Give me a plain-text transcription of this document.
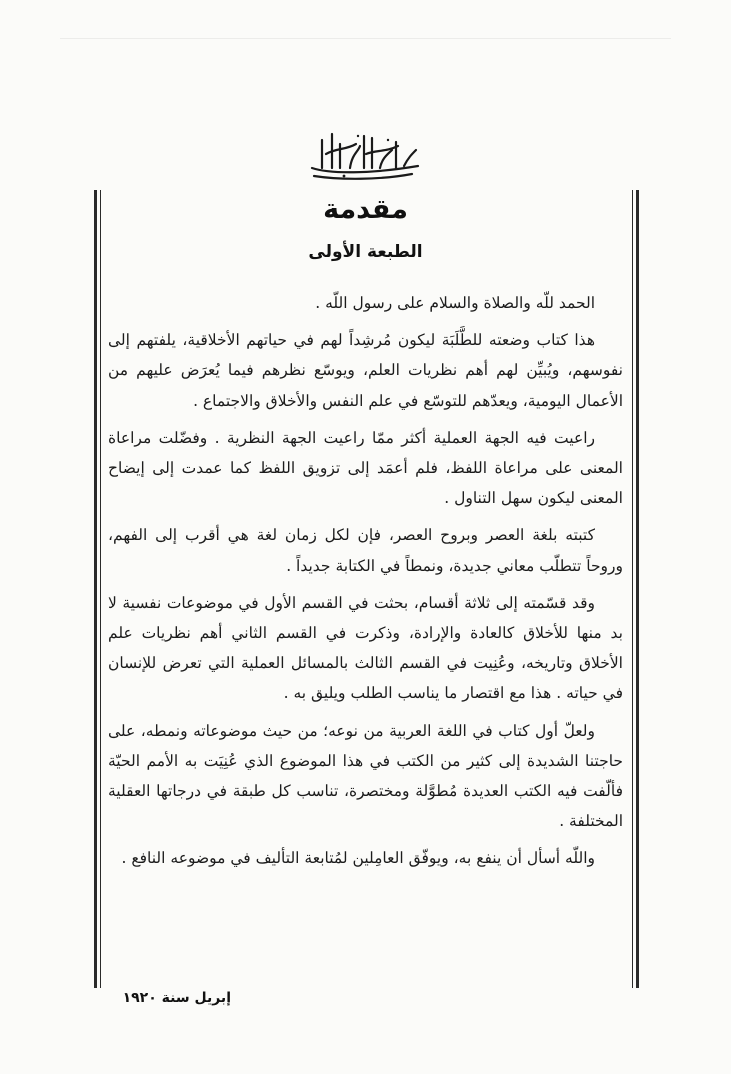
مقدمة
الطبعة الأولى

الحمد للّه والصلاة والسلام على رسول اللّه .

هذا كتاب وضعته للطَّلَبَة ليكون مُرشِداً لهم في حياتهم الأخلاقية، يلفتهم إلى نفوسهم، ويُبيِّن لهم أهم نظريات العلم، ويوسّع نظرهم فيما يُعرَض عليهم من الأعمال اليومية، ويعدّهم للتوسّع في علم النفس والأخلاق والاجتماع .

راعيت فيه الجهة العملية أكثر ممّا راعيت الجهة النظرية . وفضّلت مراعاة المعنى على مراعاة اللفظ، فلم أعمَد إلى تزويق اللفظ كما عمدت إلى إيضاح المعنى ليكون سهل التناول .

كتبته بلغة العصر وبروح العصر، فإن لكل زمان لغة هي أقرب إلى الفهم، وروحاً تتطلّب معاني جديدة، ونمطاً في الكتابة جديداً .

وقد قسّمته إلى ثلاثة أقسام، بحثت في القسم الأول في موضوعات نفسية لا بد منها للأخلاق كالعادة والإرادة، وذكرت في القسم الثاني أهم نظريات علم الأخلاق وتاريخه، وعُنِيت في القسم الثالث بالمسائل العملية التي تعرض للإنسان في حياته . هذا مع اقتصار ما يناسب الطلب ويليق به .

ولعلّ أول كتاب في اللغة العربية من نوعه؛ من حيث موضوعاته ونمطه، على حاجتنا الشديدة إلى كثير من الكتب في هذا الموضوع الذي عُنِيَت به الأمم الحيّة فألّفت فيه الكتب العديدة مُطوَّلة ومختصرة، تناسب كل طبقة في درجاتها العقلية المختلفة .

واللّه أسأل أن ينفع به، ويوفّق العامِلين لمُتابعة التأليف في موضوعه النافع .

إبريل سنة ١٩٢٠
